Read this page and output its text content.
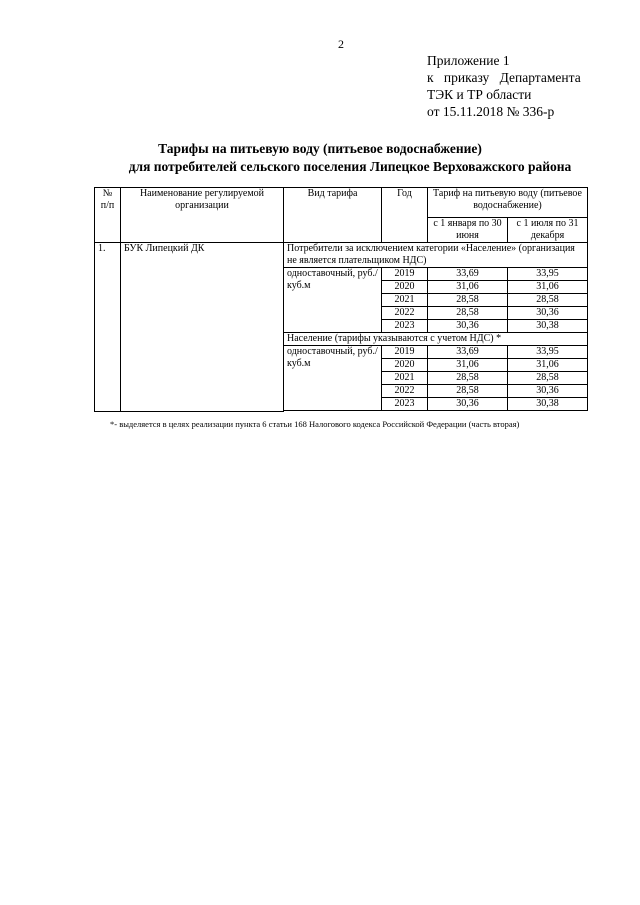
2
Приложение 1
к приказу Департамента
ТЭК и ТР области
от 15.11.2018 № 336-р
Тарифы на питьевую воду (питьевое водоснабжение)
для потребителей сельского поселения Липецкое Верховажского района
№ п/п	Наименование регулируемой организации	Вид тарифа	Год	Тариф на питьевую воду (питьевое водоснабжение)	
				с 1 января по 30 июня	с 1 июля по 31 декабря
1.	БУК Липецкий ДК	Потребители за исключением категории «Население» (организация не является плательщиком НДС)			
		одноставочный, руб./куб.м	2019	33,69	33,95
			2020	31,06	31,06
			2021	28,58	28,58
			2022	28,58	30,36
			2023	30,36	30,38
		Население (тарифы указываются с учетом НДС) *			
		одноставочный, руб./куб.м	2019	33,69	33,95
			2020	31,06	31,06
			2021	28,58	28,58
			2022	28,58	30,36
			2023	30,36	30,38

*- выделяется в целях реализации пункта 6 статьи 168 Налогового кодекса Российской Федерации (часть вторая)
